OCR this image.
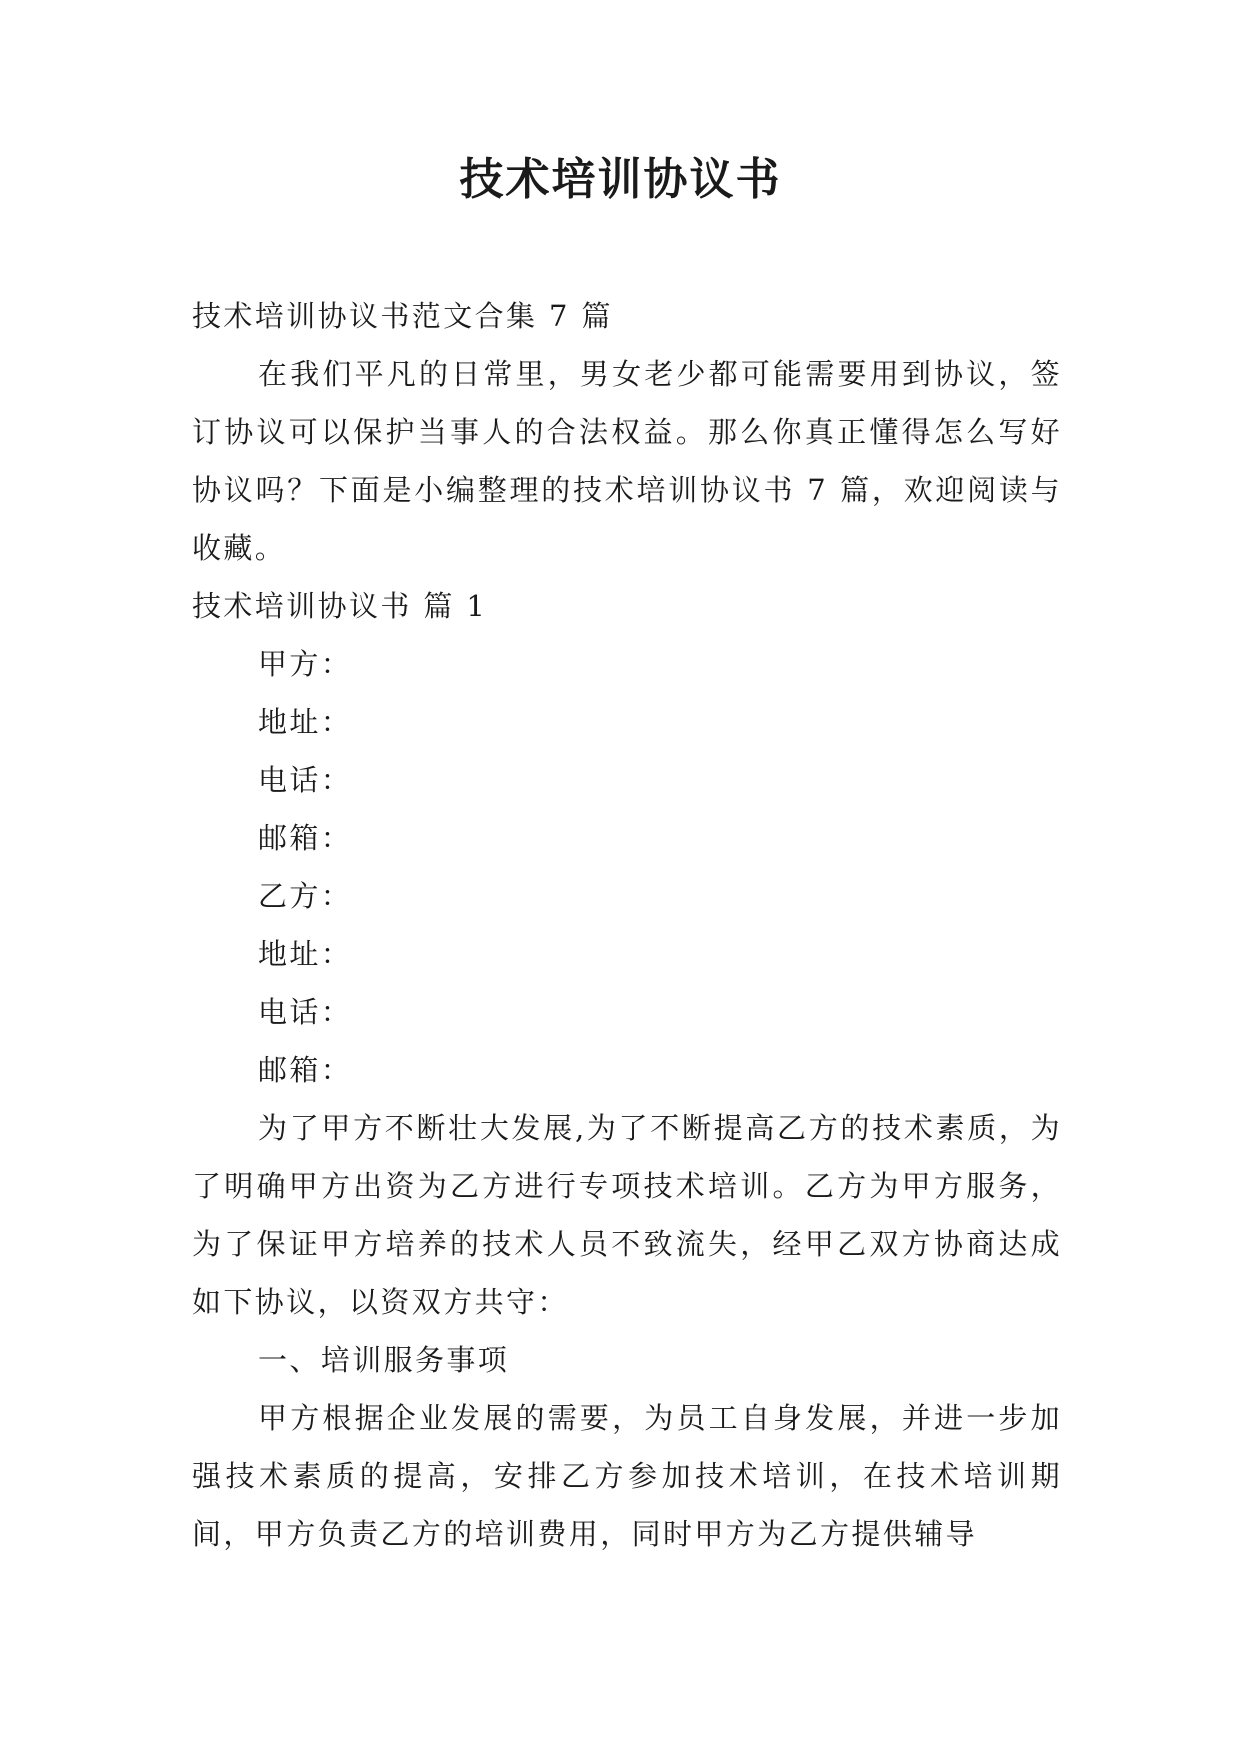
技术培训协议书

技术培训协议书范文合集 7 篇

在我们平凡的日常里，男女老少都可能需要用到协议，签订协议可以保护当事人的合法权益。那么你真正懂得怎么写好协议吗？下面是小编整理的技术培训协议书 7 篇，欢迎阅读与收藏。

技术培训协议书 篇 1

甲方：

地址：

电话：

邮箱：

乙方：

地址：

电话：

邮箱：

为了甲方不断壮大发展,为了不断提高乙方的技术素质，为了明确甲方出资为乙方进行专项技术培训。乙方为甲方服务，为了保证甲方培养的技术人员不致流失，经甲乙双方协商达成如下协议，以资双方共守：

一、培训服务事项

甲方根据企业发展的需要，为员工自身发展，并进一步加强技术素质的提高，安排乙方参加技术培训，在技术培训期间，甲方负责乙方的培训费用，同时甲方为乙方提供辅导
